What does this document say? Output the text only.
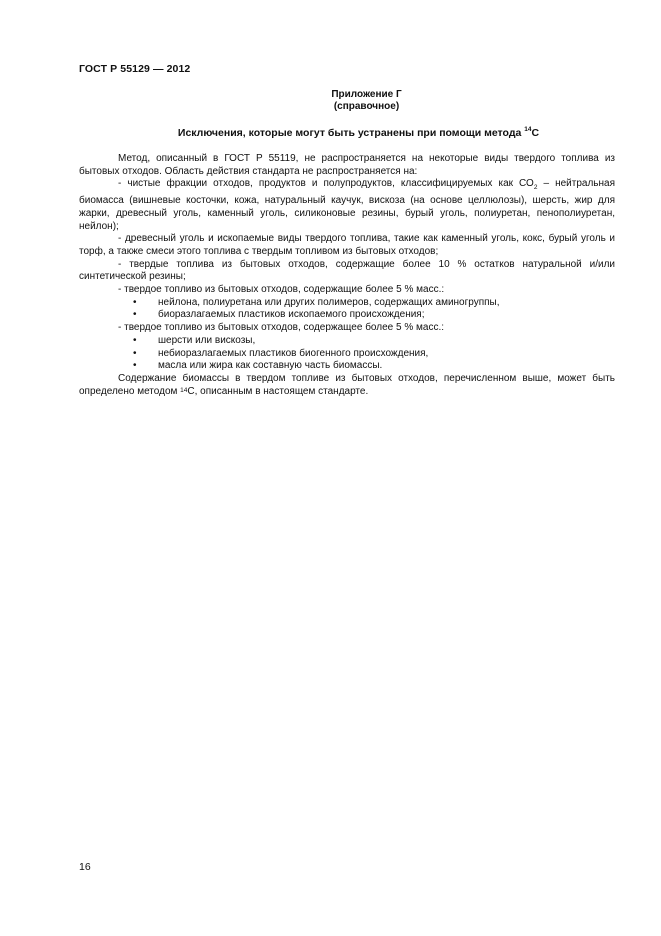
ГОСТ Р 55129 — 2012
Приложение Г
(справочное)
Исключения, которые могут быть устранены при помощи метода $^{14}$С

Метод, описанный в ГОСТ Р 55119, не распространяется на некоторые виды твердого топлива из бытовых отходов. Область действия стандарта не распространяется на:

- чистые фракции отходов, продуктов и полупродуктов, классифицируемых как $СО_2$ – нейтральная биомасса (вишневые косточки, кожа, натуральный каучук, вискоза (на основе целлюлозы), шерсть, жир для жарки, древесный уголь, каменный уголь, силиконовые резины, бурый уголь, полиуретан, пенополиуретан, нейлон);

- древесный уголь и ископаемые виды твердого топлива, такие как каменный уголь, кокс, бурый уголь и торф, а также смеси этого топлива с твердым топливом из бытовых отходов;

- твердые топлива из бытовых отходов, содержащие более 10 % остатков натуральной и/или синтетической резины;

- твердое топливо из бытовых отходов, содержащие более 5 % масс.:

• нейлона, полиуретана или других полимеров, содержащих аминогруппы,
• биоразлагаемых пластиков ископаемого происхождения;

- твердое топливо из бытовых отходов, содержащее более 5 % масс.:

• шерсти или вискозы,
• небиоразлагаемых пластиков биогенного происхождения,
• масла или жира как составную часть биомассы.

Содержание биомассы в твердом топливе из бытовых отходов, перечисленном выше, может быть определено методом $^{14}$С, описанным в настоящем стандарте.

16
